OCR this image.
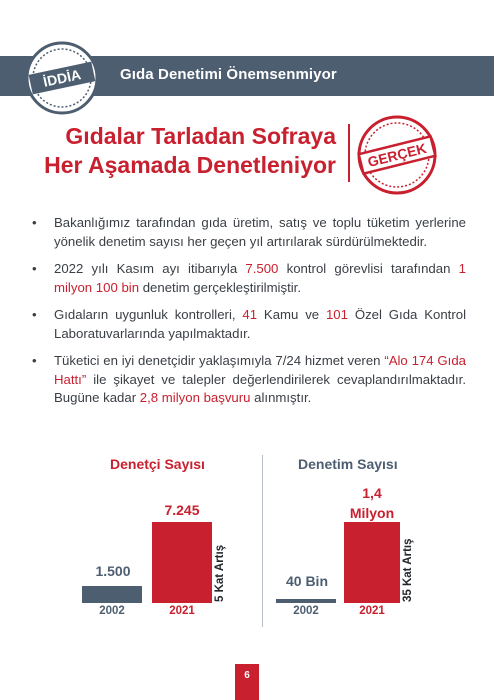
Gıda Denetimi Önemsenmiyor
İDDİA
Gıdalar Tarladan Sofraya
Her Aşamada Denetleniyor GERÇEK
• Bakanlığımız tarafından gıda üretim, satış ve toplu tüketim yerlerine yönelik denetim sayısı her geçen yıl artırılarak sürdürülmektedir.
• 2022 yılı Kasım ayı itibarıyla 7.500 kontrol görevlisi tarafından 1 milyon 100 bin denetim gerçekleştirilmiştir.
• Gıdaların uygunluk kontrolleri, 41 Kamu ve 101 Özel Gıda Kontrol Laboratuvarlarında yapılmaktadır.
• Tüketici en iyi denetçidir yaklaşımıyla 7/24 hizmet veren “Alo 174 Gıda Hattı” ile şikayet ve talepler değerlendirilerek cevaplandırılmaktadır. Bugüne kadar 2,8 milyon başvuru alınmıştır.
Denetçi Sayısı
1.500
7.245
2002	2021
5 Kat Artış
Denetim Sayısı
40 Bin
1,4
Milyon
2002	2021
35 Kat Artış
6
